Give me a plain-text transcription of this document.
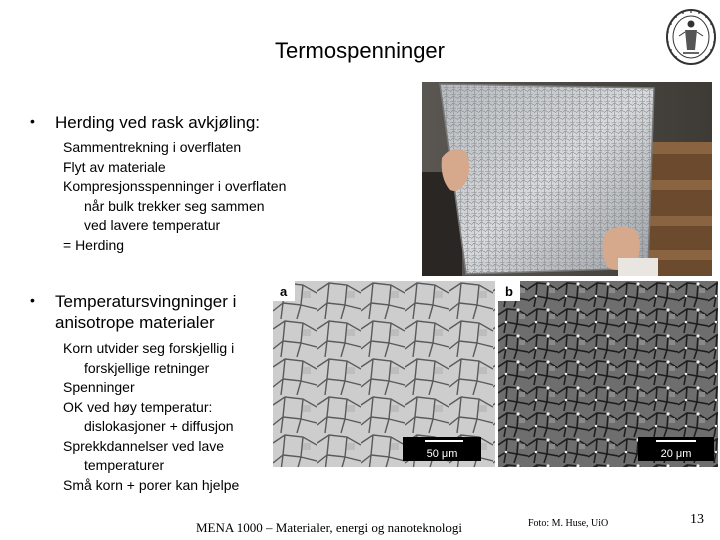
Termospenninger
• Herding ved rask avkjøling:
Sammentrekning i overflaten
Flyt av materiale
Kompresjonsspenninger i overflaten
når bulk trekker seg sammen
ved lavere temperatur
= Herding
• Temperatursvingninger i
anisotrope materialer
Korn utvider seg forskjellig i
forskjellige retninger
Spenninger
OK ved høy temperatur:
dislokasjoner + diffusjon
Sprekkdannelser ved lave
temperaturer
Små korn + porer kan hjelpe
a
50 μm
b
20 μm
MENA 1000 – Materialer, energi og nanoteknologi	Foto: M. Huse, UiO	13
